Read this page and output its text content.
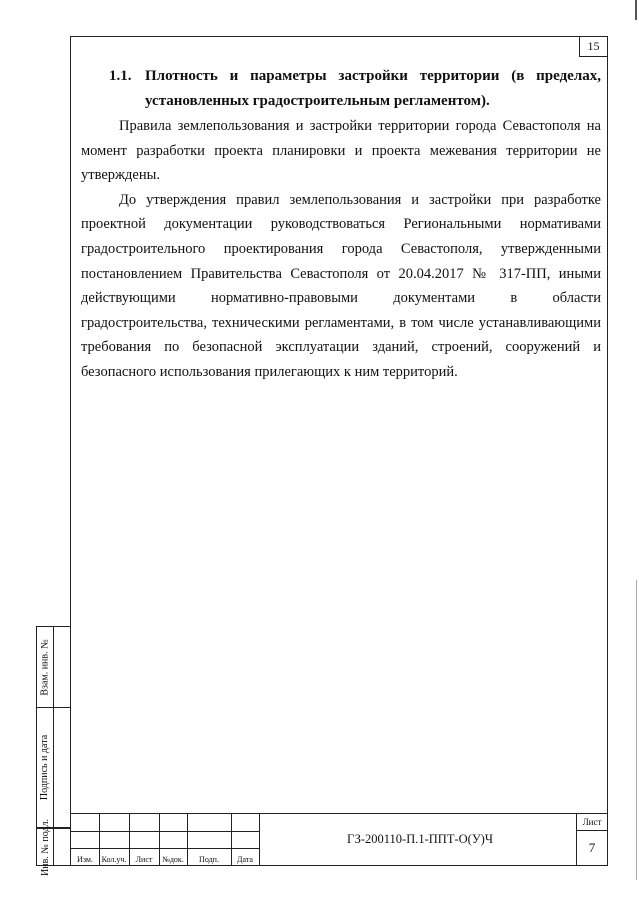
15
1.1. Плотность и параметры застройки территории (в пределах,
установленных градостроительным регламентом).

Правила землепользования и застройки территории города Севастополя на момент разработки проекта планировки и проекта межевания территории не утверждены.

До утверждения правил землепользования и застройки при разработке проектной документации руководствоваться Региональными нормативами градостроительного проектирования города Севастополя, утвержденными постановлением Правительства Севастополя от 20.04.2017 № 317-ПП, иными действующими нормативно-правовыми документами в области градостроительства, техническими регламентами, в том числе устанавливающими требования по безопасной эксплуатации зданий, строений, сооружений и безопасного использования прилегающих к ним территорий.

Изм.	Кол.уч.	Лист	№док.	Подп.	Дата
ГЗ-200110-П.1-ППТ-О(У)Ч
Лист
7
Взам. инв. №
Подпись и дата
Инв. № подл.
